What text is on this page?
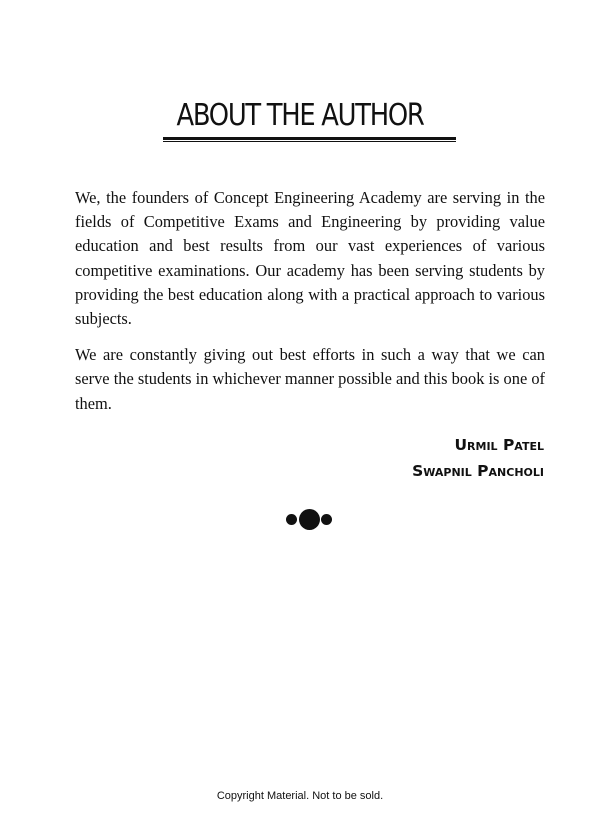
ABOUT THE AUTHOR

We, the founders of Concept Engineering Academy are serving in the fields of Competitive Exams and Engineering by providing value education and best results from our vast experiences of various competitive examinations. Our academy has been serving students by providing the best education along with a practical approach to various subjects.

We are constantly giving out best efforts in such a way that we can serve the students in whichever manner possible and this book is one of them.

Urmil Patel
Swapnil Pancholi
Copyright Material. Not to be sold.
